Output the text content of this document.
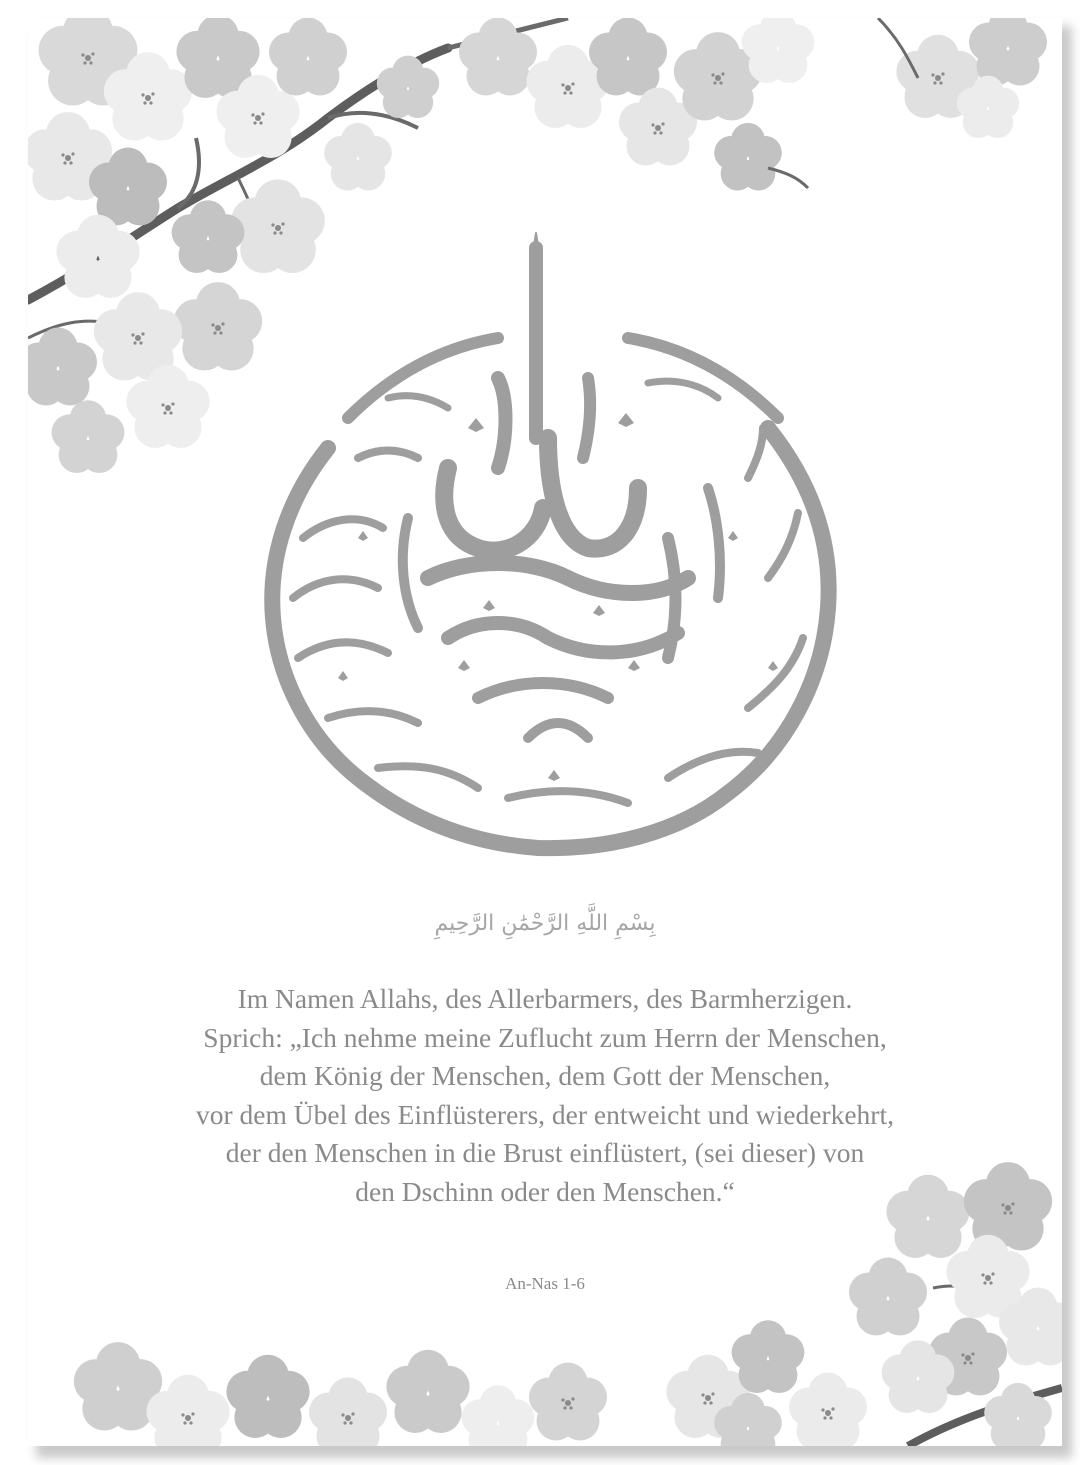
بِسْمِ اللَّهِ الرَّحْمَٰنِ الرَّحِيمِ
Im Namen Allahs, des Allerbarmers, des Barmherzigen.
Sprich: „Ich nehme meine Zuflucht zum Herrn der Menschen,
dem König der Menschen, dem Gott der Menschen,
vor dem Übel des Einflüsterers, der entweicht und wiederkehrt,
der den Menschen in die Brust einflüstert, (sei dieser) von
den Dschinn oder den Menschen.“
An-Nas 1-6
